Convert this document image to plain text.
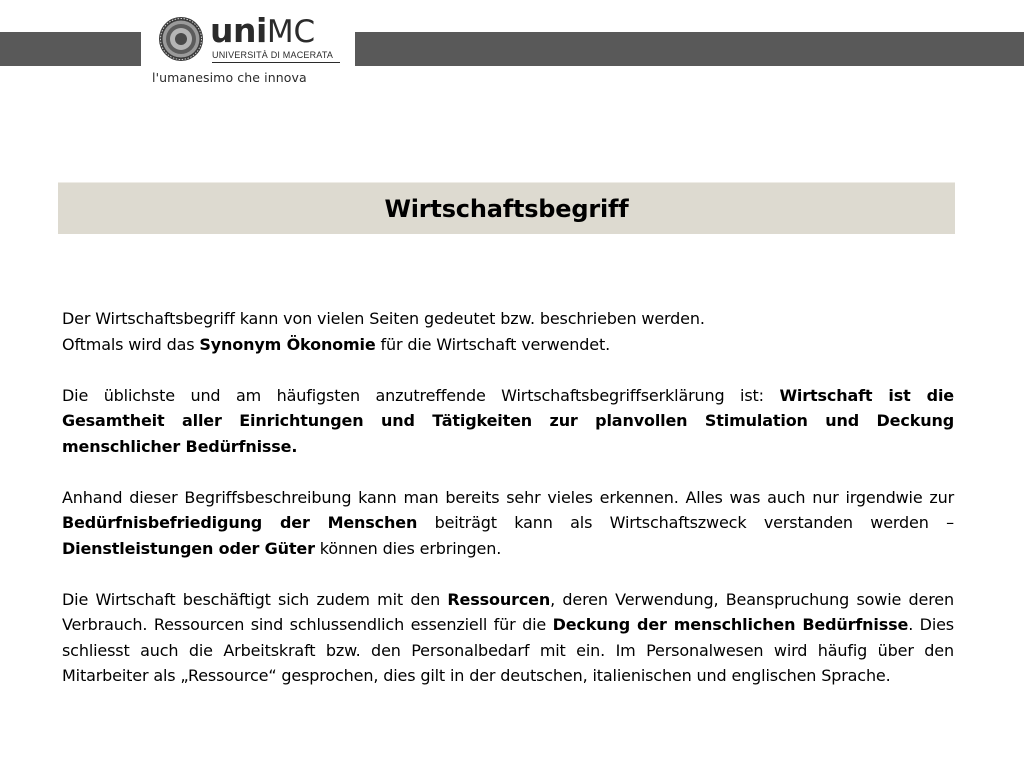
uniMC
UNIVERSITÀ DI MACERATA
l'umanesimo che innova
Wirtschaftsbegriff

Der Wirtschaftsbegriff kann von vielen Seiten gedeutet bzw. beschrieben werden.
Oftmals wird das Synonym Ökonomie für die Wirtschaft verwendet.

Die üblichste und am häufigsten anzutreffende Wirtschaftsbegriffserklärung ist: Wirtschaft ist die Gesamtheit aller Einrichtungen und Tätigkeiten zur planvollen Stimulation und Deckung menschlicher Bedürfnisse.

Anhand dieser Begriffsbeschreibung kann man bereits sehr vieles erkennen. Alles was auch nur irgendwie zur Bedürfnisbefriedigung der Menschen beiträgt kann als Wirtschaftszweck verstanden werden – Dienstleistungen oder Güter können dies erbringen.

Die Wirtschaft beschäftigt sich zudem mit den Ressourcen, deren Verwendung, Beanspruchung sowie deren Verbrauch. Ressourcen sind schlussendlich essenziell für die Deckung der menschlichen Bedürfnisse. Dies schliesst auch die Arbeitskraft bzw. den Personalbedarf mit ein. Im Personalwesen wird häufig über den Mitarbeiter als „Ressource“ gesprochen, dies gilt in der deutschen, italienischen und englischen Sprache.
